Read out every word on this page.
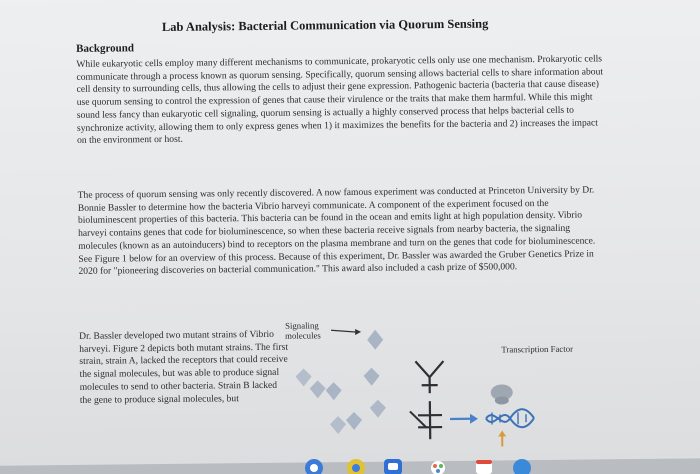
Lab Analysis: Bacterial Communication via Quorum Sensing
Background

While eukaryotic cells employ many different mechanisms to communicate, prokaryotic cells only use one mechanism. Prokaryotic cells communicate through a process known as quorum sensing. Specifically, quorum sensing allows bacterial cells to share information about cell density to surrounding cells, thus allowing the cells to adjust their gene expression. Pathogenic bacteria (bacteria that cause disease) use quorum sensing to control the expression of genes that cause their virulence or the traits that make them harmful. While this might sound less fancy than eukaryotic cell signaling, quorum sensing is actually a highly conserved process that helps bacterial cells to synchronize activity, allowing them to only express genes when 1) it maximizes the benefits for the bacteria and 2) increases the impact on the environment or host.

The process of quorum sensing was only recently discovered. A now famous experiment was conducted at Princeton University by Dr. Bonnie Bassler to determine how the bacteria Vibrio harveyi communicate. A component of the experiment focused on the bioluminescent properties of this bacteria. This bacteria can be found in the ocean and emits light at high population density. Vibrio harveyi contains genes that code for bioluminescence, so when these bacteria receive signals from nearby bacteria, the signaling molecules (known as an autoinducers) bind to receptors on the plasma membrane and turn on the genes that code for bioluminescence. See Figure 1 below for an overview of this process. Because of this experiment, Dr. Bassler was awarded the Gruber Genetics Prize in 2020 for "pioneering discoveries on bacterial communication." This award also included a cash prize of $500,000.

Dr. Bassler developed two mutant strains of Vibrio harveyi. Figure 2 depicts both mutant strains. The first strain, strain A, lacked the receptors that could receive the signal molecules, but was able to produce signal molecules to send to other bacteria. Strain B lacked the gene to produce signal molecules, but

Signaling molecules
Transcription Factor
